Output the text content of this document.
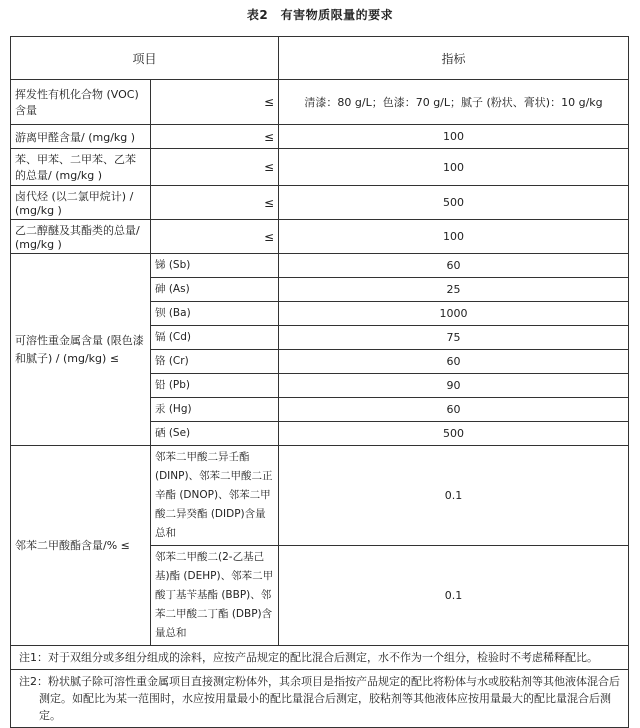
表2　有害物质限量的要求
项目		指标
挥发性有机化合物 (VOC) 含量	≤	清漆：80 g/L；色漆：70 g/L；腻子 (粉状、膏状)：10 g/kg
游离甲醛含量/ (mg/kg )	≤	100
苯、甲苯、二甲苯、乙苯的总量/ (mg/kg )	≤	100
卤代烃 (以二氯甲烷计) / (mg/kg )	≤	500
乙二醇醚及其酯类的总量/ (mg/kg )	≤	100
可溶性重金属含量 (限色漆和腻子) / (mg/kg) ≤	锑 (Sb)	60
	砷 (As)	25
	钡 (Ba)	1000
	镉 (Cd)	75
	铬 (Cr)	60
	铅 (Pb)	90
	汞 (Hg)	60
	硒 (Se)	500
邻苯二甲酸酯含量/% ≤	邻苯二甲酸二异壬酯 (DINP)、邻苯二甲酸二正辛酯 (DNOP)、邻苯二甲酸二异癸酯 (DIDP)含量总和	0.1
	邻苯二甲酸二(2-乙基己基)酯 (DEHP)、邻苯二甲酸丁基苄基酯 (BBP)、邻苯二甲酸二丁酯 (DBP)含量总和	0.1
注1：对于双组分或多组分组成的涂料，应按产品规定的配比混合后测定，水不作为一个组分，检验时不考虑稀释配比。		
注2：粉状腻子除可溶性重金属项目直接测定粉体外，其余项目是指按产品规定的配比将粉体与水或胶粘剂等其他液体混合后测定。如配比为某一范围时，水应按用量最小的配比量混合后测定，胶粘剂等其他液体应按用量最大的配比量混合后测定。		
